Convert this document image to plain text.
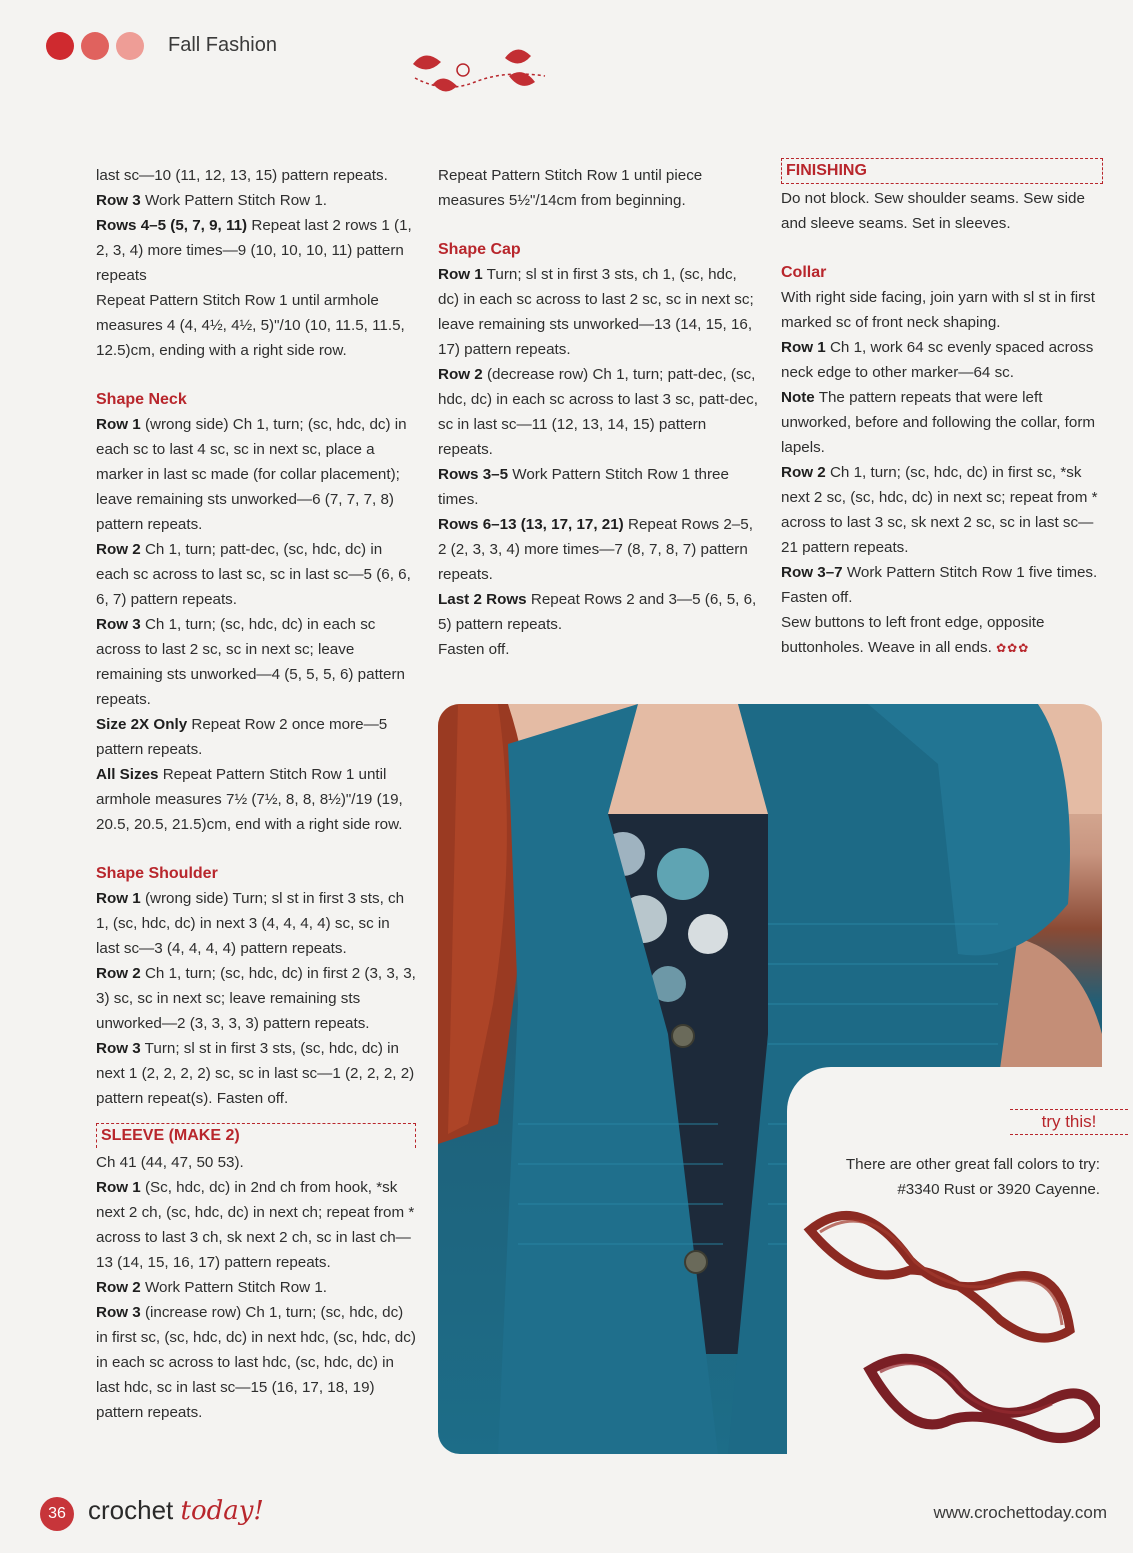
Fall Fashion

last sc—10 (11, 12, 13, 15) pattern repeats.

Row 3 Work Pattern Stitch Row 1.

Rows 4–5 (5, 7, 9, 11) Repeat last 2 rows 1 (1, 2, 3, 4) more times—9 (10, 10, 10, 11) pattern repeats

Repeat Pattern Stitch Row 1 until armhole measures 4 (4, 4½, 4½, 5)"/10 (10, 11.5, 11.5, 12.5)cm, ending with a right side row.

Shape Neck

Row 1 (wrong side) Ch 1, turn; (sc, hdc, dc) in each sc to last 4 sc, sc in next sc, place a marker in last sc made (for collar placement); leave remaining sts unworked—6 (7, 7, 7, 8) pattern repeats.

Row 2 Ch 1, turn; patt-dec, (sc, hdc, dc) in each sc across to last sc, sc in last sc—5 (6, 6, 6, 7) pattern repeats.

Row 3 Ch 1, turn; (sc, hdc, dc) in each sc across to last 2 sc, sc in next sc; leave remaining sts unworked—4 (5, 5, 5, 6) pattern repeats.

Size 2X Only Repeat Row 2 once more—5 pattern repeats.

All Sizes Repeat Pattern Stitch Row 1 until armhole measures 7½ (7½, 8, 8, 8½)"/19 (19, 20.5, 20.5, 21.5)cm, end with a right side row.

Shape Shoulder

Row 1 (wrong side) Turn; sl st in first 3 sts, ch 1, (sc, hdc, dc) in next 3 (4, 4, 4, 4) sc, sc in last sc—3 (4, 4, 4, 4) pattern repeats.

Row 2 Ch 1, turn; (sc, hdc, dc) in first 2 (3, 3, 3, 3) sc, sc in next sc; leave remaining sts unworked—2 (3, 3, 3, 3) pattern repeats.

Row 3 Turn; sl st in first 3 sts, (sc, hdc, dc) in next 1 (2, 2, 2, 2) sc, sc in last sc—1 (2, 2, 2, 2) pattern repeat(s). Fasten off.

SLEEVE (MAKE 2)

Ch 41 (44, 47, 50 53).

Row 1 (Sc, hdc, dc) in 2nd ch from hook, *sk next 2 ch, (sc, hdc, dc) in next ch; repeat from * across to last 3 ch, sk next 2 ch, sc in last ch—13 (14, 15, 16, 17) pattern repeats.

Row 2 Work Pattern Stitch Row 1.

Row 3 (increase row) Ch 1, turn; (sc, hdc, dc) in first sc, (sc, hdc, dc) in next hdc, (sc, hdc, dc) in each sc across to last hdc, (sc, hdc, dc) in last hdc, sc in last sc—15 (16, 17, 18, 19) pattern repeats.

Repeat Pattern Stitch Row 1 until piece measures 5½"/14cm from beginning.

Shape Cap

Row 1 Turn; sl st in first 3 sts, ch 1, (sc, hdc, dc) in each sc across to last 2 sc, sc in next sc; leave remaining sts unworked—13 (14, 15, 16, 17) pattern repeats.

Row 2 (decrease row) Ch 1, turn; patt-dec, (sc, hdc, dc) in each sc across to last 3 sc, patt-dec, sc in last sc—11 (12, 13, 14, 15) pattern repeats.

Rows 3–5 Work Pattern Stitch Row 1 three times.

Rows 6–13 (13, 17, 17, 21) Repeat Rows 2–5, 2 (2, 3, 3, 4) more times—7 (8, 7, 8, 7) pattern repeats.

Last 2 Rows Repeat Rows 2 and 3—5 (6, 5, 6, 5) pattern repeats.

Fasten off.

FINISHING

Do not block. Sew shoulder seams. Sew side and sleeve seams. Set in sleeves.

Collar

With right side facing, join yarn with sl st in first marked sc of front neck shaping.

Row 1 Ch 1, work 64 sc evenly spaced across neck edge to other marker—64 sc.

Note The pattern repeats that were left unworked, before and following the collar, form lapels.

Row 2 Ch 1, turn; (sc, hdc, dc) in first sc, *sk next 2 sc, (sc, hdc, dc) in next sc; repeat from * across to last 3 sc, sk next 2 sc, sc in last sc—21 pattern repeats.

Row 3–7 Work Pattern Stitch Row 1 five times.

Fasten off.

Sew buttons to left front edge, opposite buttonholes. Weave in all ends. ✿✿✿

try this!
There are other great fall colors to try:
#3340 Rust or 3920 Cayenne.
36 crochet today!	www.crochettoday.com
